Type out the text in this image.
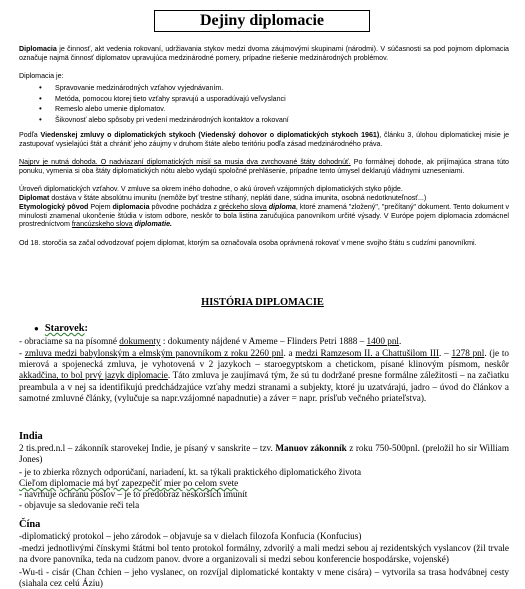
Dejiny diplomacie
Diplomacia je činnosť, akt vedenia rokovaní, udržiavania stykov medzi dvoma záujmovými skupinami (národmi). V súčasnosti sa pod pojmom diplomacia označuje najmä činnosť diplomatov upravujúca medzinárodné pomery, prípadne riešenie medzinárodných problémov.
Diplomacia je:
• Spravovanie medzinárodných vzťahov vyjednávaním.
• Metóda, pomocou ktorej tieto vzťahy spravujú a usporadúvajú veľvyslanci
• Remeslo alebo umenie diplomatov.
• Šikovnosť alebo spôsoby pri vedení medzinárodných kontaktov a rokovaní
Podľa Viedenskej zmluvy o diplomatických stykoch (Viedenský dohovor o diplomatických stykoch 1961), článku 3, úlohou diplomatickej misie je zastupovať vysielajúci štát a chrániť jeho záujmy v druhom štáte alebo teritóriu podľa zásad medzinárodného práva.
Najprv je nutná dohoda. O nadviazaní diplomatických misií sa musia dva zvrchované štáty dohodnúť. Po formálnej dohode, ak prijímajúca strana túto ponuku, vymenia si oba štáty diplomatických nótu alebo vydajú spoločné prehlásenie, prípadne tento úmysel deklarujú vládnymi uzneseniami.
Úroveň diplomatických vzťahov. V zmluve sa okrem iného dohodne, o akú úroveň vzájomných diplomatických styko pôjde.
Diplomat dostáva v štáte absolútnu imunitu (nemôže byť trestne stíhaný, nepláti dane, súdna imunita, osobná nedotknuteľnosť...)
Etymologický pôvod Pojem diplomacia pôvodne pochádza z gréckeho slova diploma, ktoré znamená "zložený", "prečítaný" dokument. Tento dokument v minulosti znamenal ukončenie štúdia v istom odbore, neskôr to bola listina zaručujúca panovníkom určité výsady. V Európe pojem diplomacia zdomácnel prostredníctvom francúzskeho slova diplomatie.
Od 18. storočia sa začal odvodzovať pojem diplomat, ktorým sa označovala osoba oprávnená rokovať v mene svojho štátu s cudzími panovníkmi.
HISTÓRIA DIPLOMACIE
● Starovek:
- obraciame sa na písomné dokumenty : dokumenty nájdené v Ameme – Flinders Petri 1888 – 1400 pnl.
- zmluva medzi babylonským a elmským panovníkom z roku 2260 pnl. a medzi Ramzesom II. a Chattušilom III. – 1278 pnl. (je to mierová a spojenecká zmluva, je vyhotovená v 2 jazykoch – staroegyptskom a chetickom, písané klinovým písmom, neskôr akkadčina, to bol prvý jazyk diplomacie. Táto zmluva je zaujímavá tým, že sú tu dodržané presne formálne záležitosti – na začiatku preambula a v nej sa identifikujú predchádzajúce vzťahy medzi stranami a subjekty, ktoré ju uzatvárajú, jadro – úvod do článkov a samotné zmluvné články, (vylučuje sa napr.vzájomné napadnutie) a záver = napr. prísľub večného priateľstva).
India
2 tis.pred.n.l – zákonník starovekej Indie, je písaný v sanskrite – tzv. Manuov zákonník z roku 750-500pnl. (preložil ho sir William Jones)
- je to zbierka rôznych odporúčaní, nariadení, kt. sa týkali praktického diplomatického života
Cieľom diplomacie má byť zapezpečiť mier po celom svete
- navrhuje ochranu poslov – je to predobraz neskorších imunít
- objavuje sa sledovanie reči tela
Čína
-diplomatický protokol – jeho zárodok – objavuje sa v dielach filozofa Konfucia (Konfucius)
-medzi jednotlivými čínskymi štátmi bol tento protokol formálny, zdvorilý a mali medzi sebou aj rezidentských vyslancov (žil trvale na dvore panovníka, teda na cudzom panov. dvore a organizovali si medzi sebou konferencie hospodárske, vojenské)
-Wu-ti - cisár (Chan čchien – jeho vyslanec, on rozvíjal diplomatické kontakty v mene cisára) – vytvorila sa trasa hodvábnej cesty (siahala cez celú Áziu)
